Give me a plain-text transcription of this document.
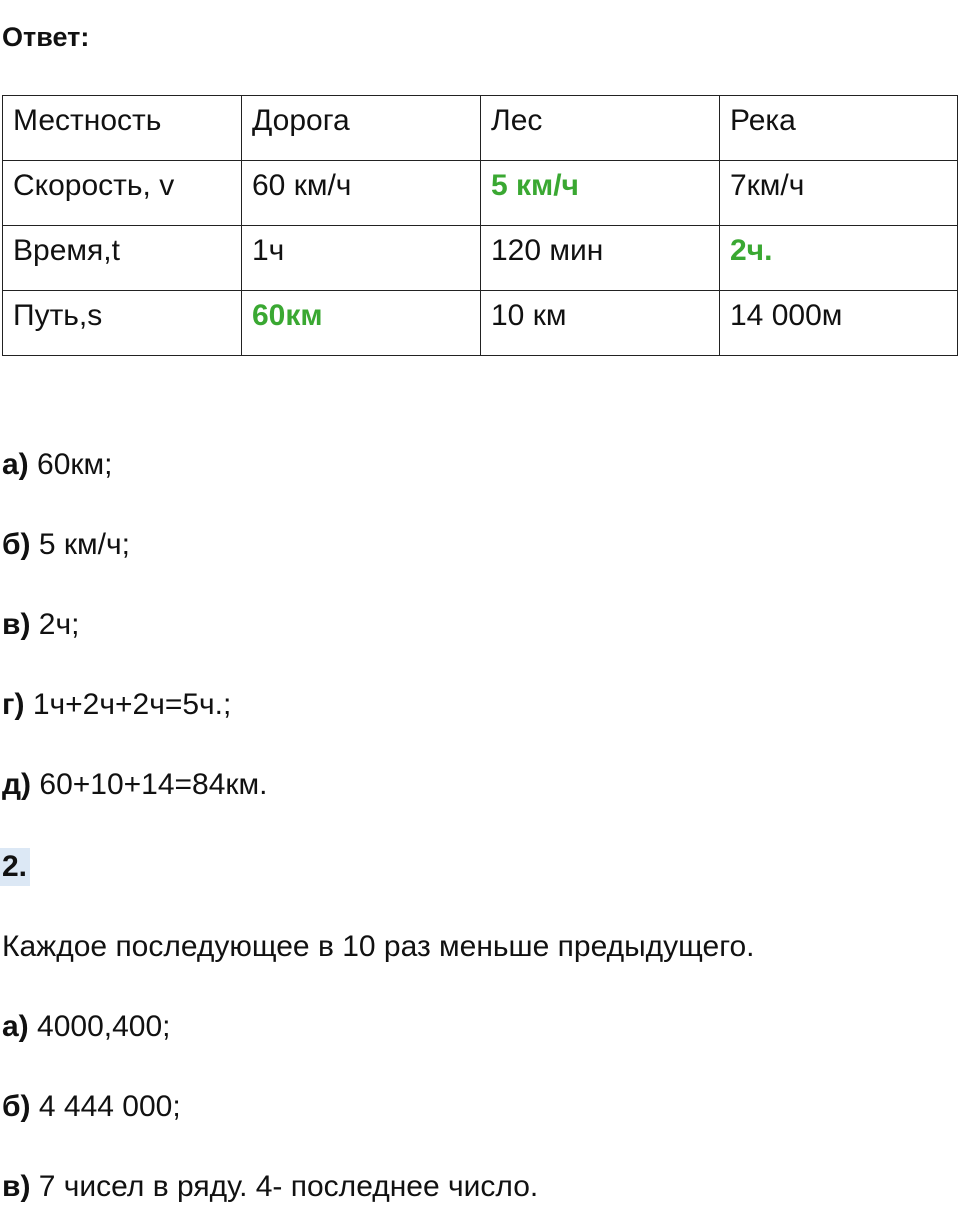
Ответ:
Местность	Дорога	Лес	Река
Скорость, v	60 км/ч	5 км/ч	7км/ч
Время,t	1ч	120 мин	2ч.
Путь,s	60км	10 км	14 000м
а) 60км;
б) 5 км/ч;
в) 2ч;
г) 1ч+2ч+2ч=5ч.;
д) 60+10+14=84км.
2.
Каждое последующее в 10 раз меньше предыдущего.
а) 4000,400;
б) 4 444 000;
в) 7 чисел в ряду. 4- последнее число.
